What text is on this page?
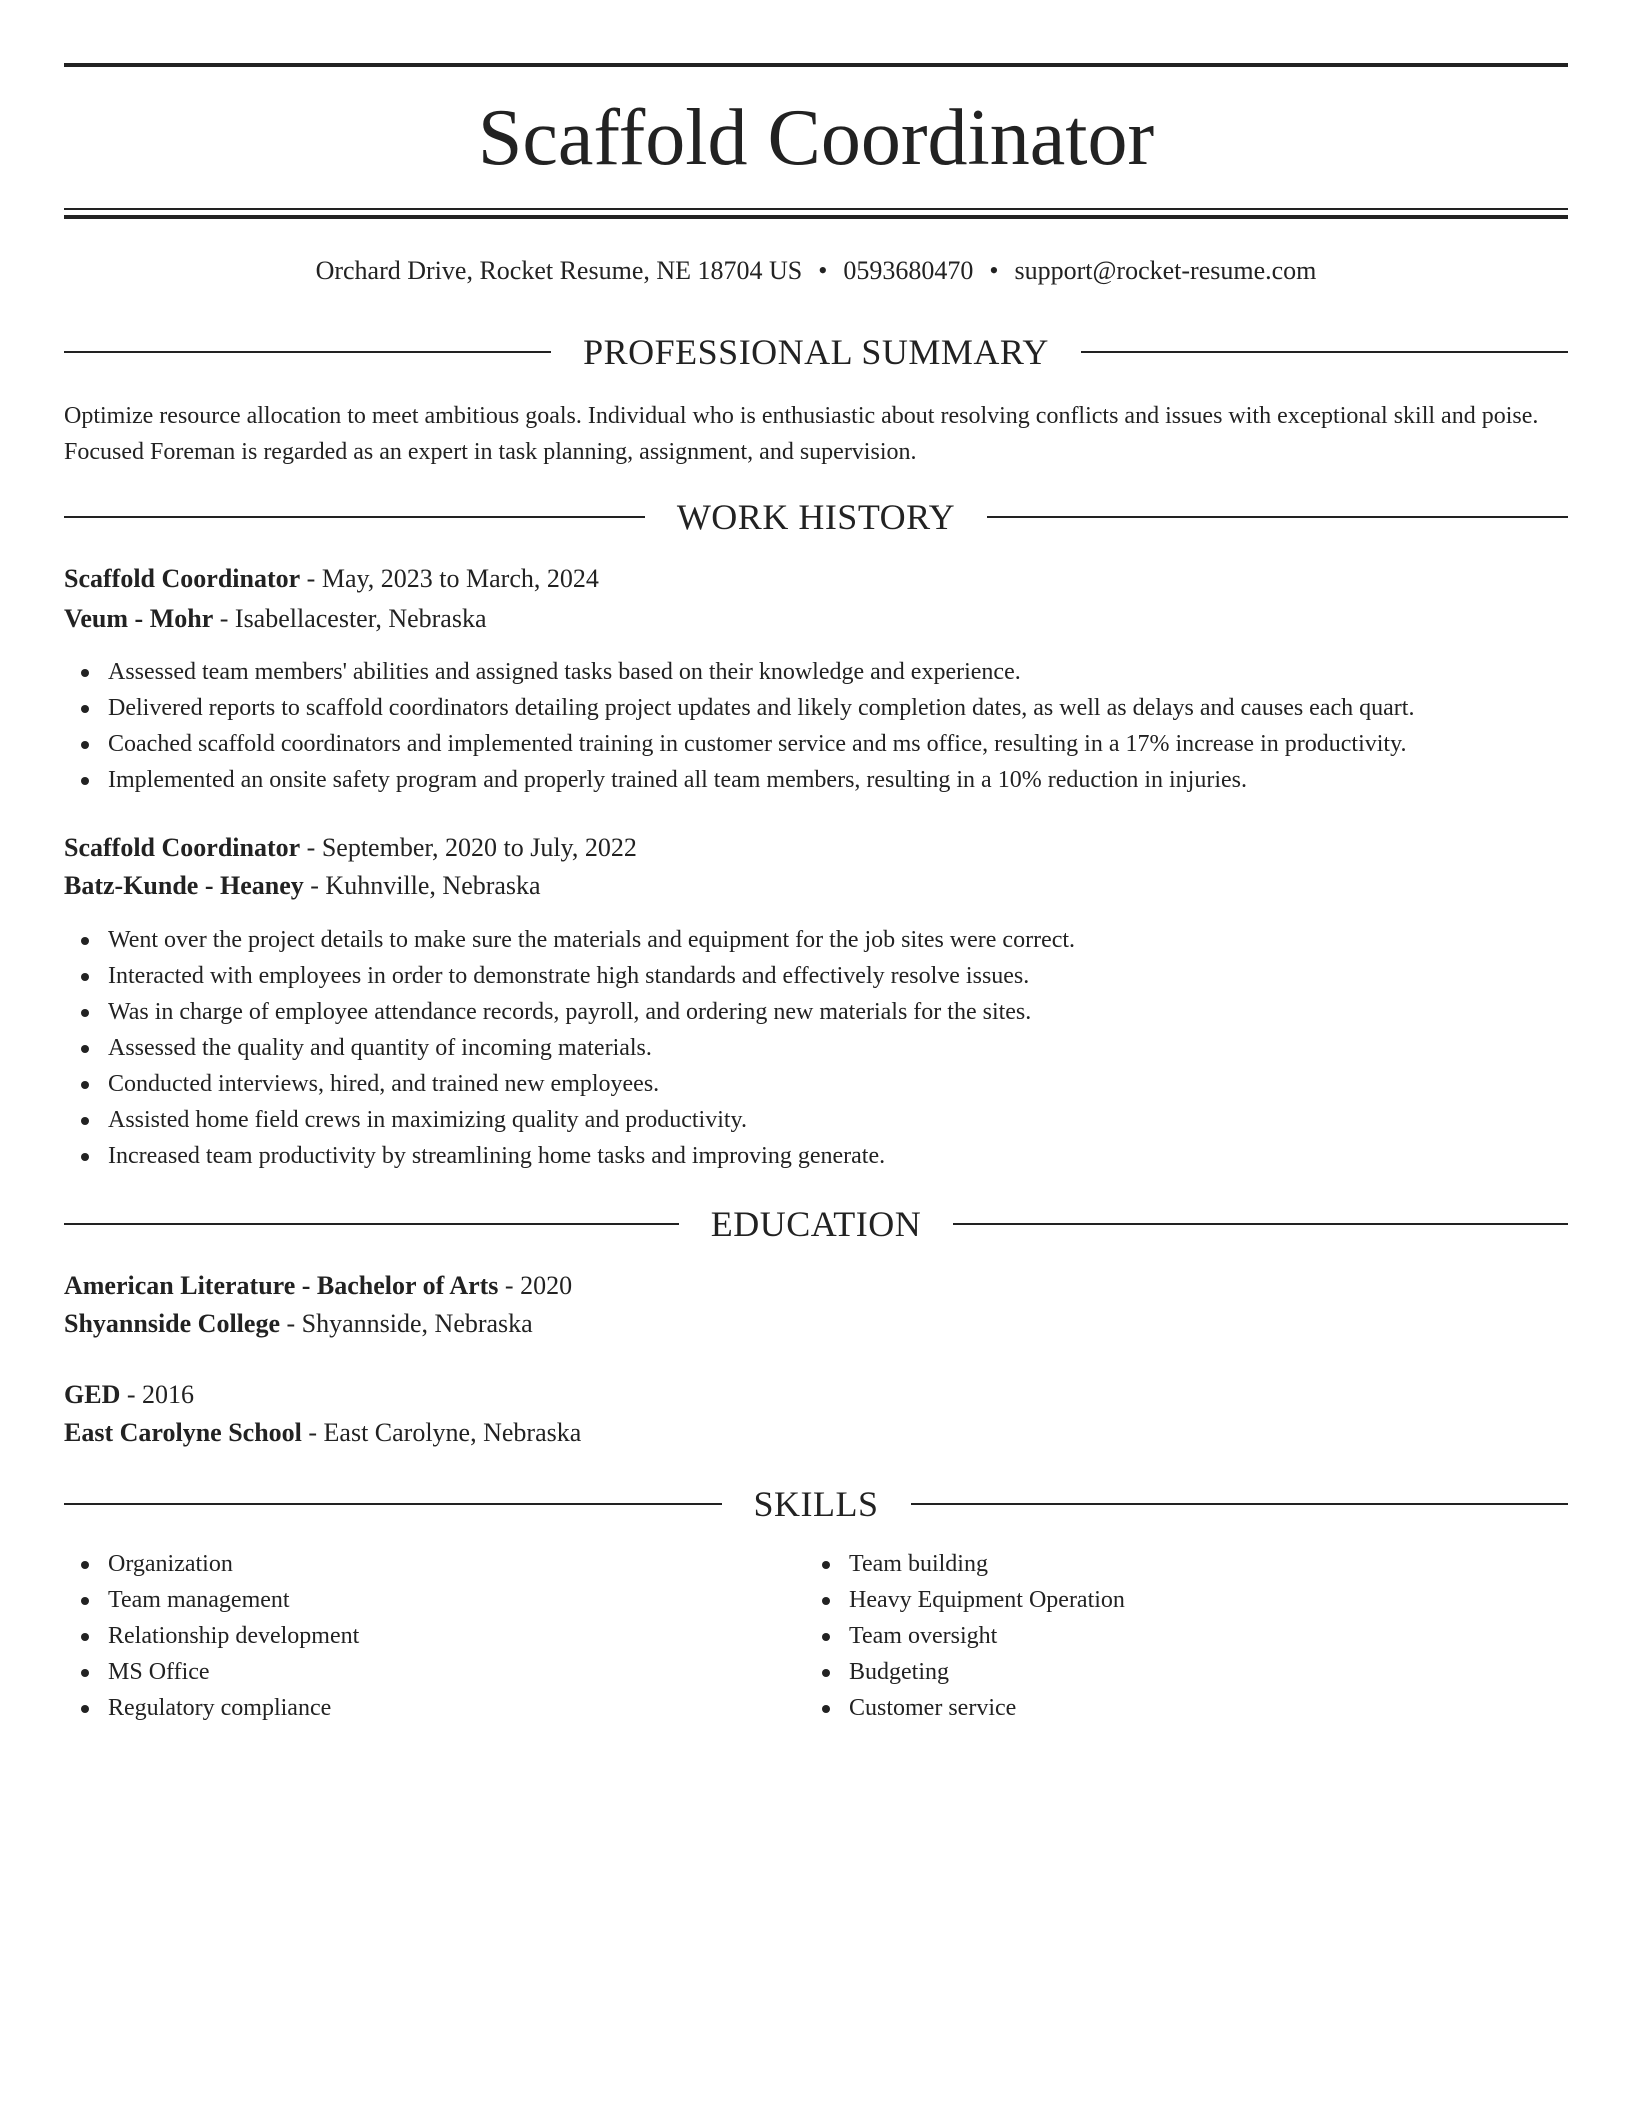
Scaffold Coordinator
Orchard Drive, Rocket Resume, NE 18704 US • 0593680470 • support@rocket-resume.com
PROFESSIONAL SUMMARY
Optimize resource allocation to meet ambitious goals. Individual who is enthusiastic about resolving conflicts and issues with exceptional skill and poise. Focused Foreman is regarded as an expert in task planning, assignment, and supervision.
WORK HISTORY
Scaffold Coordinator - May, 2023 to March, 2024
Veum - Mohr - Isabellacester, Nebraska
Assessed team members' abilities and assigned tasks based on their knowledge and experience.
Delivered reports to scaffold coordinators detailing project updates and likely completion dates, as well as delays and causes each quart.
Coached scaffold coordinators and implemented training in customer service and ms office, resulting in a 17% increase in productivity.
Implemented an onsite safety program and properly trained all team members, resulting in a 10% reduction in injuries.
Scaffold Coordinator - September, 2020 to July, 2022
Batz-Kunde - Heaney - Kuhnville, Nebraska
Went over the project details to make sure the materials and equipment for the job sites were correct.
Interacted with employees in order to demonstrate high standards and effectively resolve issues.
Was in charge of employee attendance records, payroll, and ordering new materials for the sites.
Assessed the quality and quantity of incoming materials.
Conducted interviews, hired, and trained new employees.
Assisted home field crews in maximizing quality and productivity.
Increased team productivity by streamlining home tasks and improving generate.
EDUCATION
American Literature - Bachelor of Arts - 2020
Shyannside College - Shyannside, Nebraska
GED - 2016
East Carolyne School - East Carolyne, Nebraska
SKILLS
Organization
Team management
Relationship development
MS Office
Regulatory compliance
Team building
Heavy Equipment Operation
Team oversight
Budgeting
Customer service
